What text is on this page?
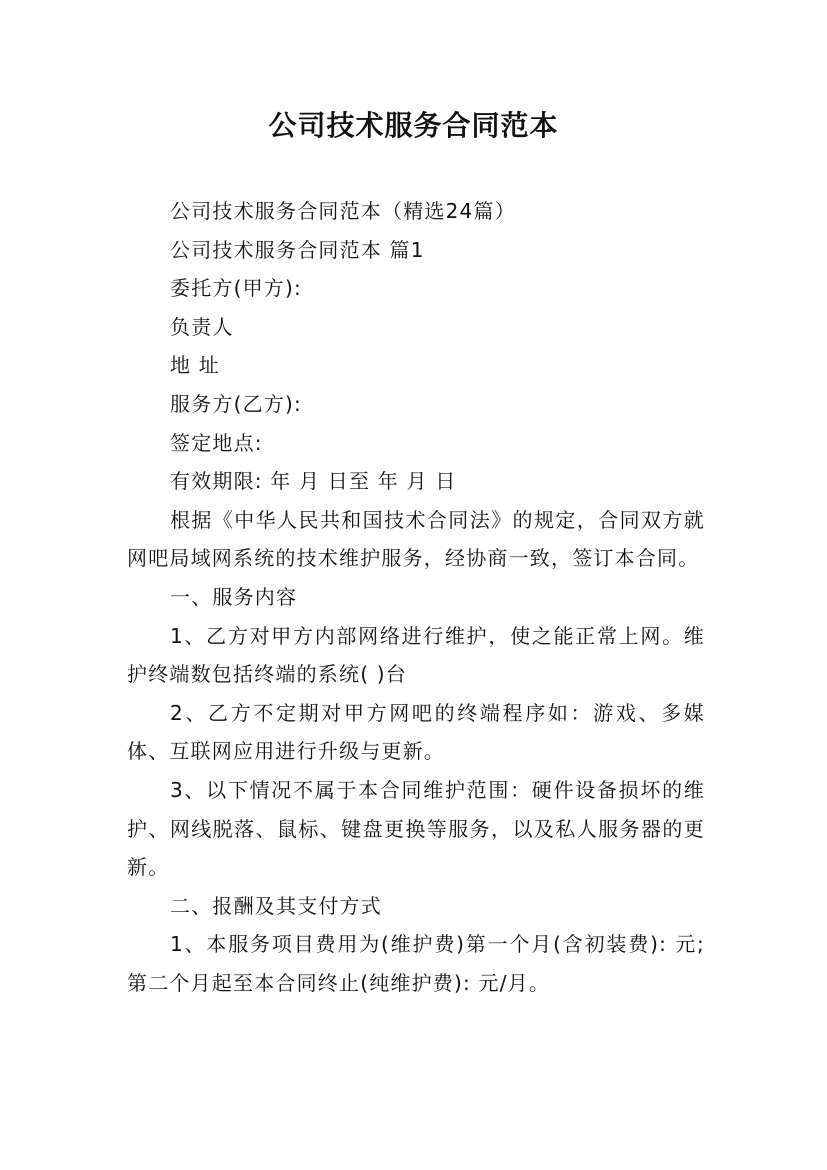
公司技术服务合同范本

公司技术服务合同范本（精选24篇）

公司技术服务合同范本 篇1

委托方(甲方):

负责人

地 址

服务方(乙方):

签定地点:

有效期限: 年 月 日至 年 月 日

根据《中华人民共和国技术合同法》的规定，合同双方就网吧局域网系统的技术维护服务，经协商一致，签订本合同。

一、服务内容

1、乙方对甲方内部网络进行维护，使之能正常上网。维护终端数包括终端的系统( )台

2、乙方不定期对甲方网吧的终端程序如：游戏、多媒体、互联网应用进行升级与更新。

3、以下情况不属于本合同维护范围：硬件设备损坏的维护、网线脱落、鼠标、键盘更换等服务，以及私人服务器的更新。

二、报酬及其支付方式

1、本服务项目费用为(维护费)第一个月(含初装费): 元;第二个月起至本合同终止(纯维护费): 元/月。
